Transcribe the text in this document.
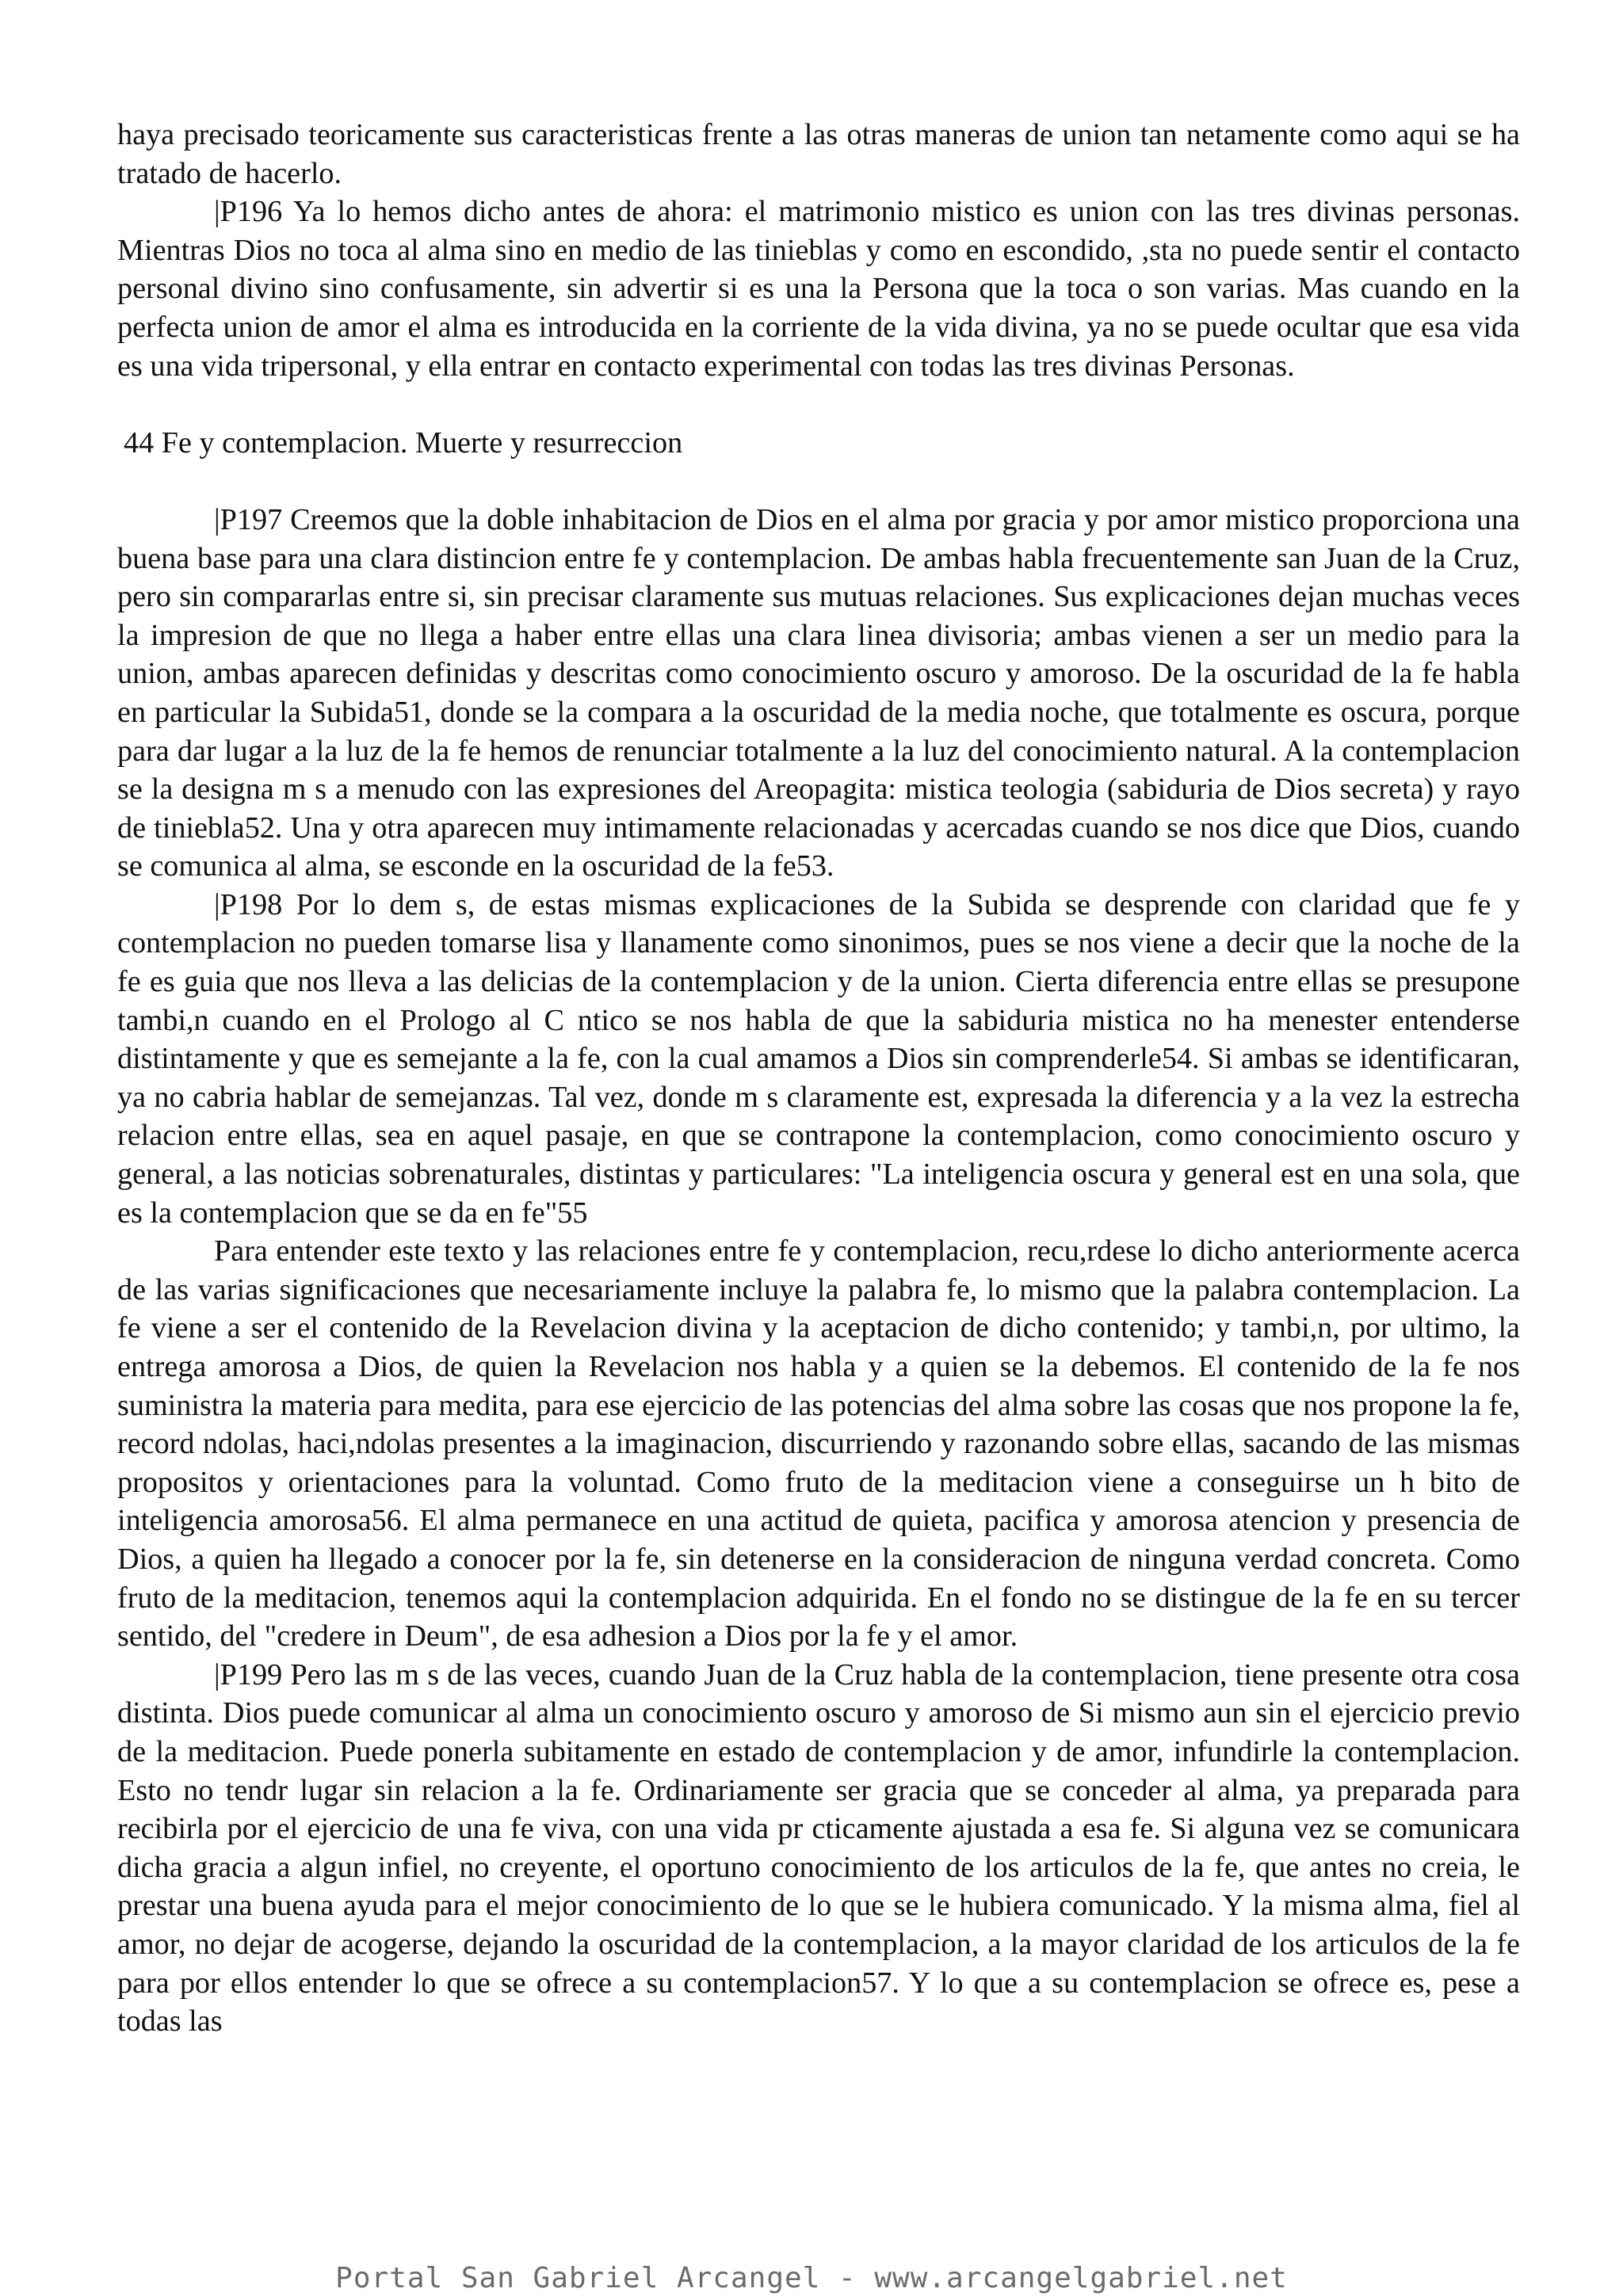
haya precisado teoricamente sus caracteristicas frente a las otras maneras de union tan netamente como aqui se ha tratado de hacerlo.

|P196 Ya lo hemos dicho antes de ahora: el matrimonio mistico es union con las tres divinas personas. Mientras Dios no toca al alma sino en medio de las tinieblas y como en escondido, ,sta no puede sentir el contacto personal divino sino confusamente, sin advertir si es una la Persona que la toca o son varias. Mas cuando en la perfecta union de amor el alma es introducida en la corriente de la vida divina, ya no se puede ocultar que esa vida es una vida tripersonal, y ella entrar en contacto experimental con todas las tres divinas Personas.

44 Fe y contemplacion. Muerte y resurreccion

|P197 Creemos que la doble inhabitacion de Dios en el alma por gracia y por amor mistico proporciona una buena base para una clara distincion entre fe y contemplacion. De ambas habla frecuentemente san Juan de la Cruz, pero sin compararlas entre si, sin precisar claramente sus mutuas relaciones. Sus explicaciones dejan muchas veces la impresion de que no llega a haber entre ellas una clara linea divisoria; ambas vienen a ser un medio para la union, ambas aparecen definidas y descritas como conocimiento oscuro y amoroso. De la oscuridad de la fe habla en particular la Subida51, donde se la compara a la oscuridad de la media noche, que totalmente es oscura, porque para dar lugar a la luz de la fe hemos de renunciar totalmente a la luz del conocimiento natural. A la contemplacion se la designa m s a menudo con las expresiones del Areopagita: mistica teologia (sabiduria de Dios secreta) y rayo de tiniebla52. Una y otra aparecen muy intimamente relacionadas y acercadas cuando se nos dice que Dios, cuando se comunica al alma, se esconde en la oscuridad de la fe53.

|P198 Por lo dem s, de estas mismas explicaciones de la Subida se desprende con claridad que fe y contemplacion no pueden tomarse lisa y llanamente como sinonimos, pues se nos viene a decir que la noche de la fe es guia que nos lleva a las delicias de la contemplacion y de la union. Cierta diferencia entre ellas se presupone tambi,n cuando en el Prologo al C ntico se nos habla de que la sabiduria mistica no ha menester entenderse distintamente y que es semejante a la fe, con la cual amamos a Dios sin comprenderle54. Si ambas se identificaran, ya no cabria hablar de semejanzas. Tal vez, donde m s claramente est, expresada la diferencia y a la vez la estrecha relacion entre ellas, sea en aquel pasaje, en que se contrapone la contemplacion, como conocimiento oscuro y general, a las noticias sobrenaturales, distintas y particulares: "La inteligencia oscura y general est en una sola, que es la contemplacion que se da en fe"55

Para entender este texto y las relaciones entre fe y contemplacion, recu,rdese lo dicho anteriormente acerca de las varias significaciones que necesariamente incluye la palabra fe, lo mismo que la palabra contemplacion. La fe viene a ser el contenido de la Revelacion divina y la aceptacion de dicho contenido; y tambi,n, por ultimo, la entrega amorosa a Dios, de quien la Revelacion nos habla y a quien se la debemos. El contenido de la fe nos suministra la materia para medita, para ese ejercicio de las potencias del alma sobre las cosas que nos propone la fe, record ndolas, haci,ndolas presentes a la imaginacion, discurriendo y razonando sobre ellas, sacando de las mismas propositos y orientaciones para la voluntad. Como fruto de la meditacion viene a conseguirse un h bito de inteligencia amorosa56. El alma permanece en una actitud de quieta, pacifica y amorosa atencion y presencia de Dios, a quien ha llegado a conocer por la fe, sin detenerse en la consideracion de ninguna verdad concreta. Como fruto de la meditacion, tenemos aqui la contemplacion adquirida. En el fondo no se distingue de la fe en su tercer sentido, del "credere in Deum", de esa adhesion a Dios por la fe y el amor.

|P199 Pero las m s de las veces, cuando Juan de la Cruz habla de la contemplacion, tiene presente otra cosa distinta. Dios puede comunicar al alma un conocimiento oscuro y amoroso de Si mismo aun sin el ejercicio previo de la meditacion. Puede ponerla subitamente en estado de contemplacion y de amor, infundirle la contemplacion. Esto no tendr lugar sin relacion a la fe. Ordinariamente ser gracia que se conceder al alma, ya preparada para recibirla por el ejercicio de una fe viva, con una vida pr cticamente ajustada a esa fe. Si alguna vez se comunicara dicha gracia a algun infiel, no creyente, el oportuno conocimiento de los articulos de la fe, que antes no creia, le prestar una buena ayuda para el mejor conocimiento de lo que se le hubiera comunicado. Y la misma alma, fiel al amor, no dejar de acogerse, dejando la oscuridad de la contemplacion, a la mayor claridad de los articulos de la fe para por ellos entender lo que se ofrece a su contemplacion57. Y lo que a su contemplacion se ofrece es, pese a todas las

Portal San Gabriel Arcangel - www.arcangelgabriel.net
